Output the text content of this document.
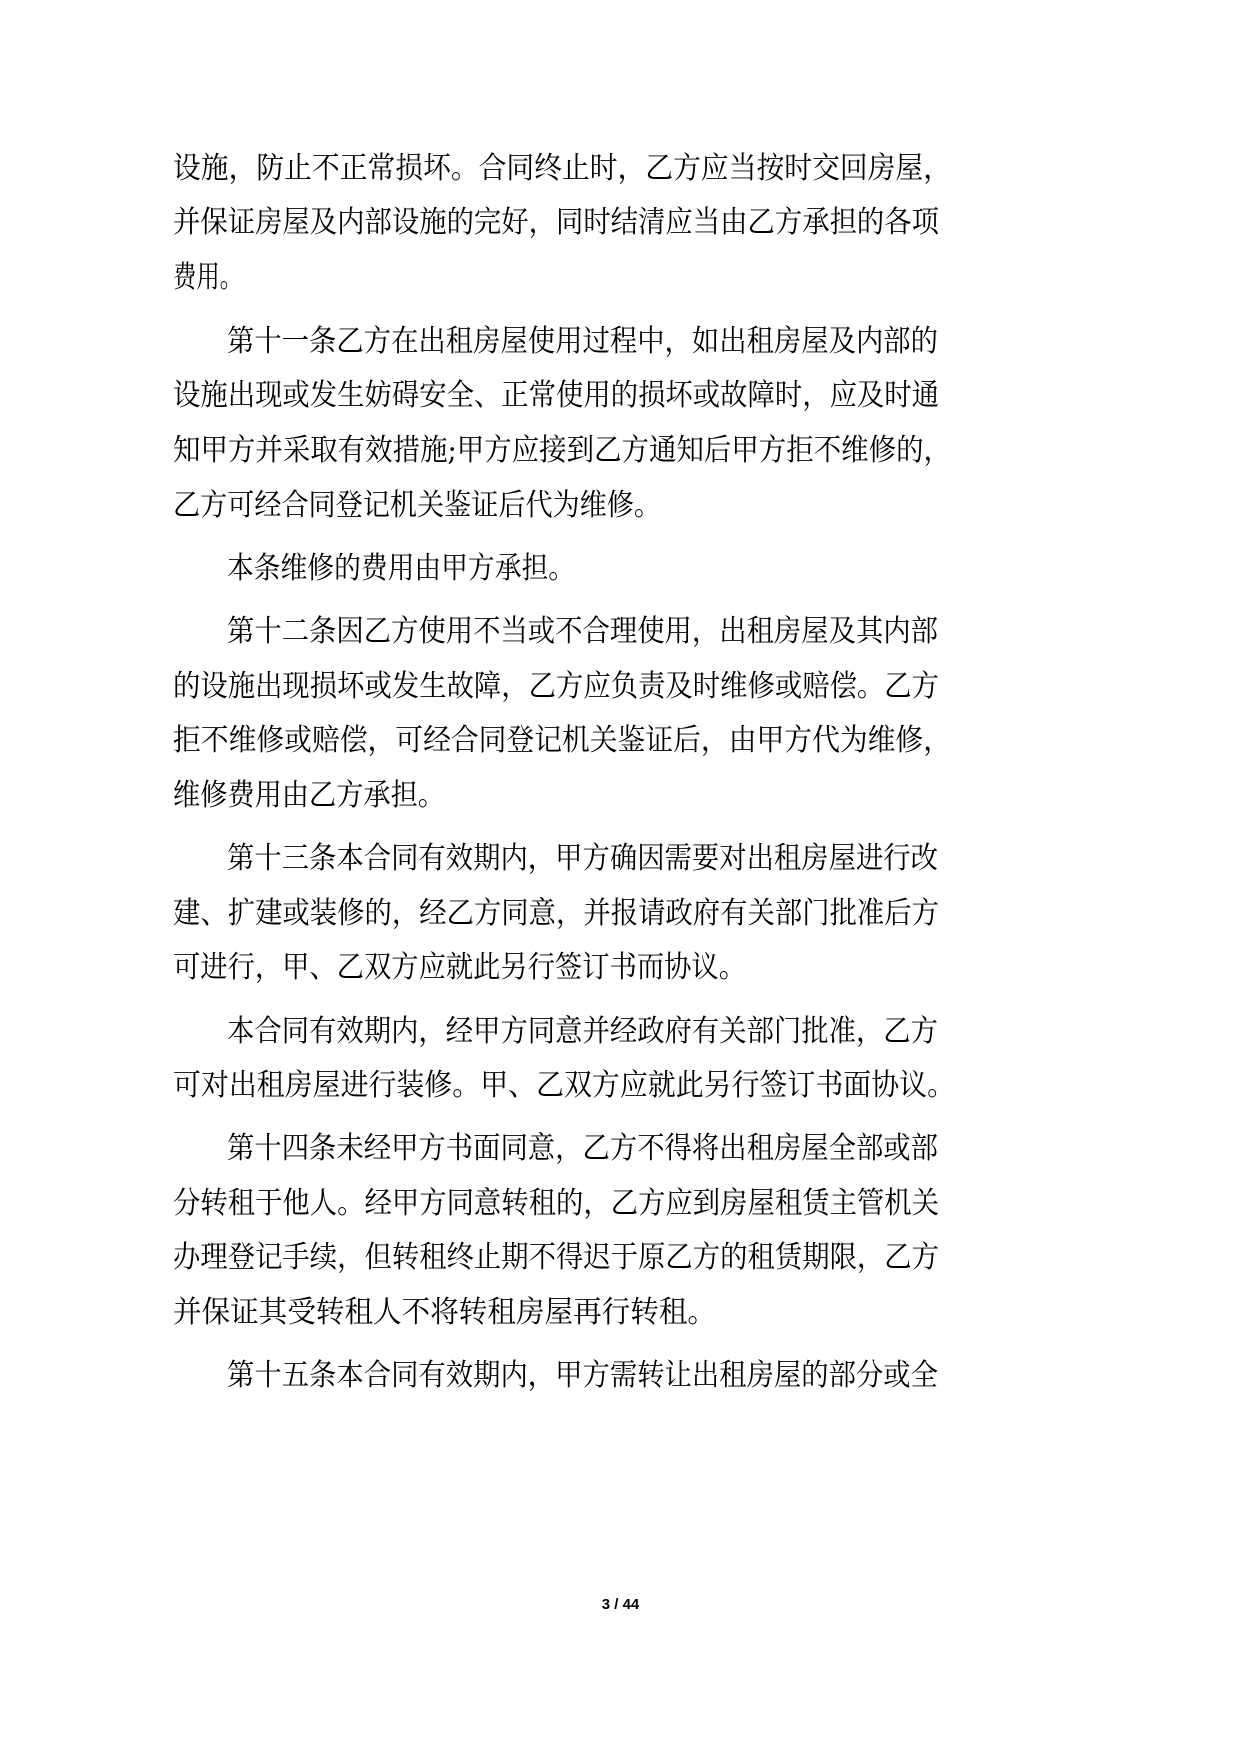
设施，防止不正常损坏。合同终止时，乙方应当按时交回房屋，
并保证房屋及内部设施的完好，同时结清应当由乙方承担的各项
费用。
第十一条乙方在出租房屋使用过程中，如出租房屋及内部的
设施出现或发生妨碍安全、正常使用的损坏或故障时，应及时通
知甲方并采取有效措施;甲方应接到乙方通知后甲方拒不维修的，
乙方可经合同登记机关鉴证后代为维修。
本条维修的费用由甲方承担。
第十二条因乙方使用不当或不合理使用，出租房屋及其内部
的设施出现损坏或发生故障，乙方应负责及时维修或赔偿。乙方
拒不维修或赔偿，可经合同登记机关鉴证后，由甲方代为维修，
维修费用由乙方承担。
第十三条本合同有效期内，甲方确因需要对出租房屋进行改
建、扩建或装修的，经乙方同意，并报请政府有关部门批准后方
可进行，甲、乙双方应就此另行签订书而协议。
本合同有效期内，经甲方同意并经政府有关部门批准，乙方
可对出租房屋进行装修。甲、乙双方应就此另行签订书面协议。
第十四条未经甲方书面同意，乙方不得将出租房屋全部或部
分转租于他人。经甲方同意转租的，乙方应到房屋租赁主管机关
办理登记手续，但转租终止期不得迟于原乙方的租赁期限，乙方
并保证其受转租人不将转租房屋再行转租。
第十五条本合同有效期内，甲方需转让出租房屋的部分或全
3 / 44
